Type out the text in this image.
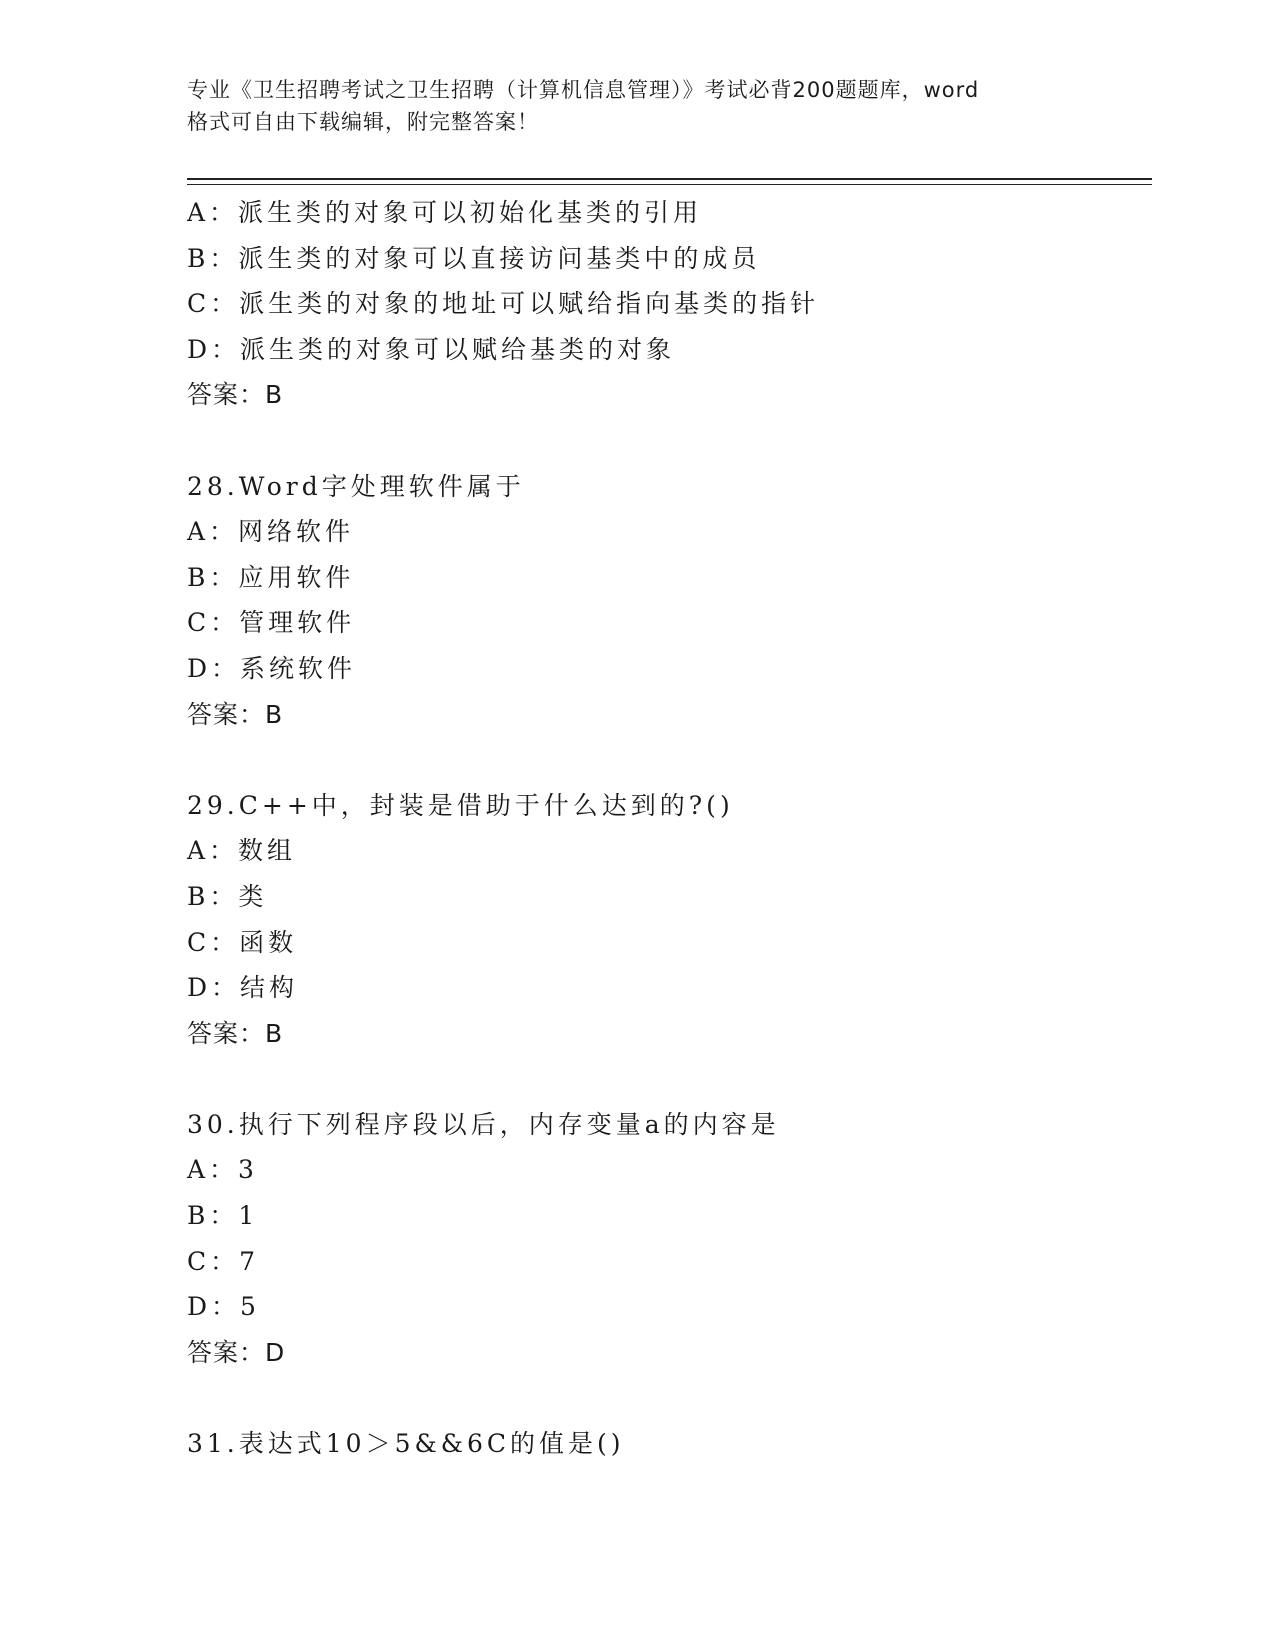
专业《卫生招聘考试之卫生招聘（计算机信息管理）》考试必背200题题库，word
格式可自由下载编辑，附完整答案！
A：派生类的对象可以初始化基类的引用
B：派生类的对象可以直接访问基类中的成员
C：派生类的对象的地址可以赋给指向基类的指针
D：派生类的对象可以赋给基类的对象
答案：B
28.Word字处理软件属于
A：网络软件
B：应用软件
C：管理软件
D：系统软件
答案：B
29.C++中，封装是借助于什么达到的?()
A：数组
B：类
C：函数
D：结构
答案：B
30.执行下列程序段以后，内存变量a的内容是
A：3
B：1
C：7
D：5
答案：D
31.表达式10＞5&&6C的值是()
